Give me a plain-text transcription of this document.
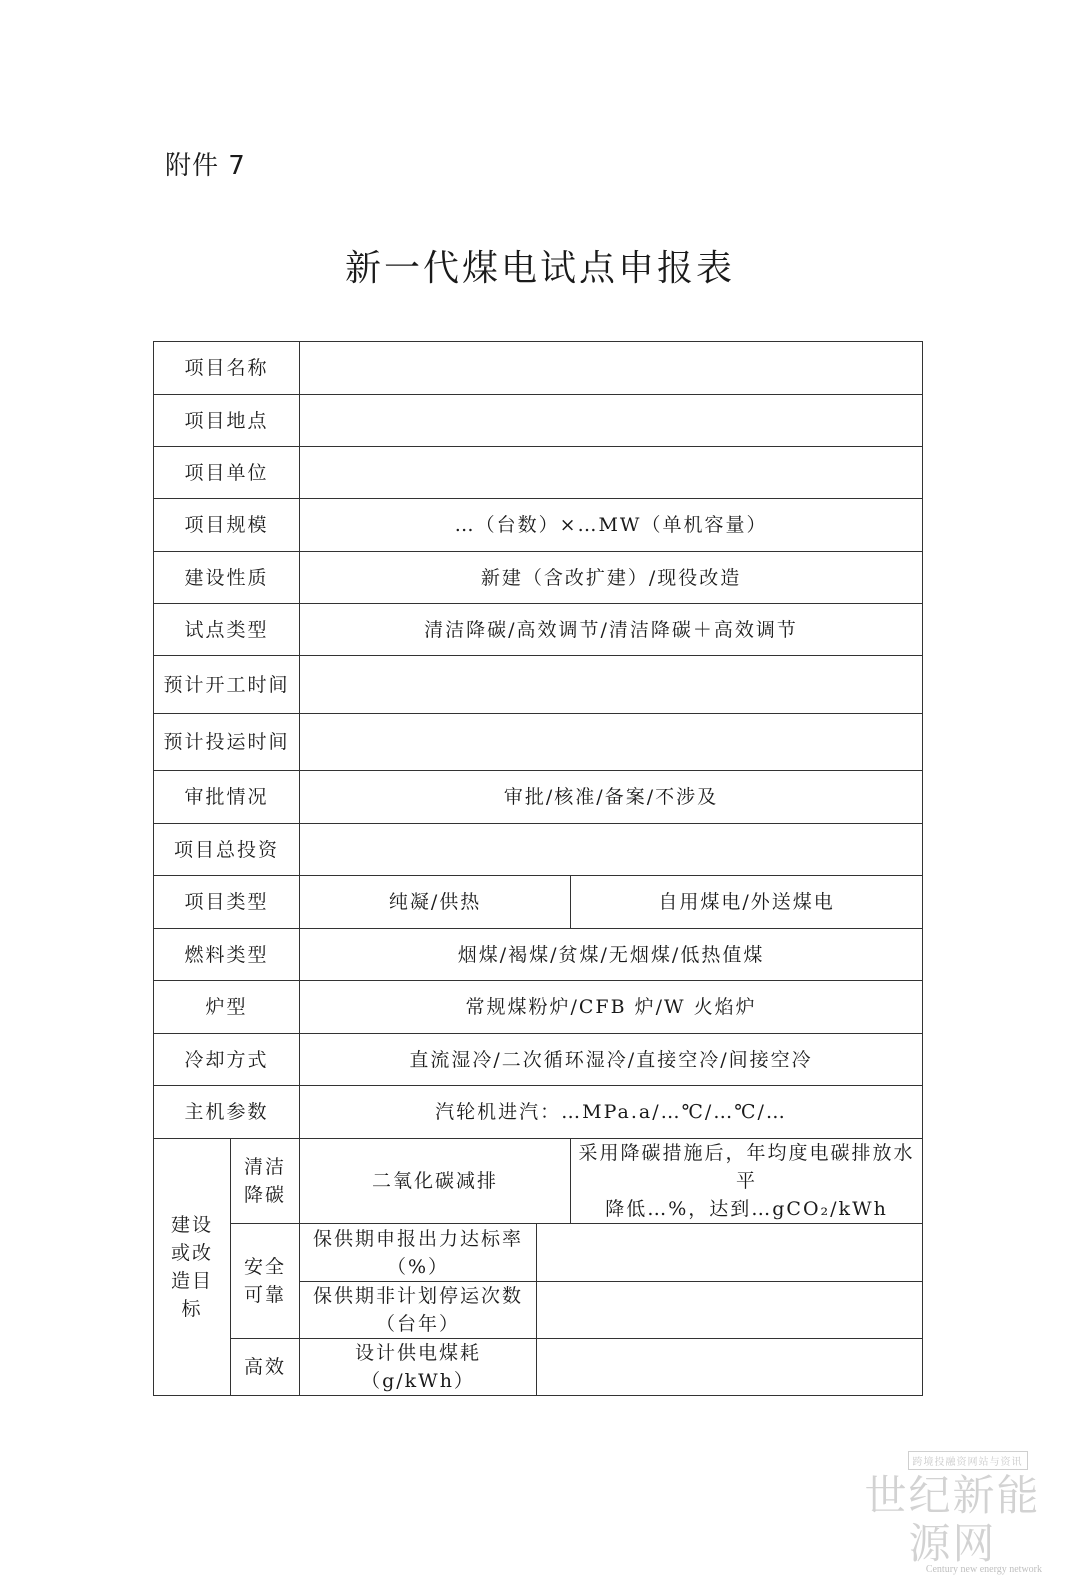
附件 7
新一代煤电试点申报表
项目名称				
项目地点				
项目单位				
项目规模		…（台数）×…MW（单机容量）		
建设性质		新建（含改扩建）/现役改造		
试点类型		清洁降碳/高效调节/清洁降碳＋高效调节		
预计开工时间				
预计投运时间				
审批情况		审批/核准/备案/不涉及		
项目总投资				
项目类型		纯凝/供热		自用煤电/外送煤电
燃料类型		烟煤/褐煤/贫煤/无烟煤/低热值煤		
炉型		常规煤粉炉/CFB 炉/W 火焰炉		
冷却方式		直流湿冷/二次循环湿冷/直接空冷/间接空冷		
主机参数		汽轮机进汽：…MPa.a/…℃/…℃/…		
建设或改造目标	清洁降碳	二氧化碳减排		采用降碳措施后，年均度电碳排放水平
降低…%，达到…gCO₂/kWh

	安全可靠	保供期申报出力达标率（%）		
		保供期非计划停运次数（台年）		
	高效	设计供电煤耗（g/kWh）		
跨境投融资网站与资讯
世纪新能源网
Century new energy network
